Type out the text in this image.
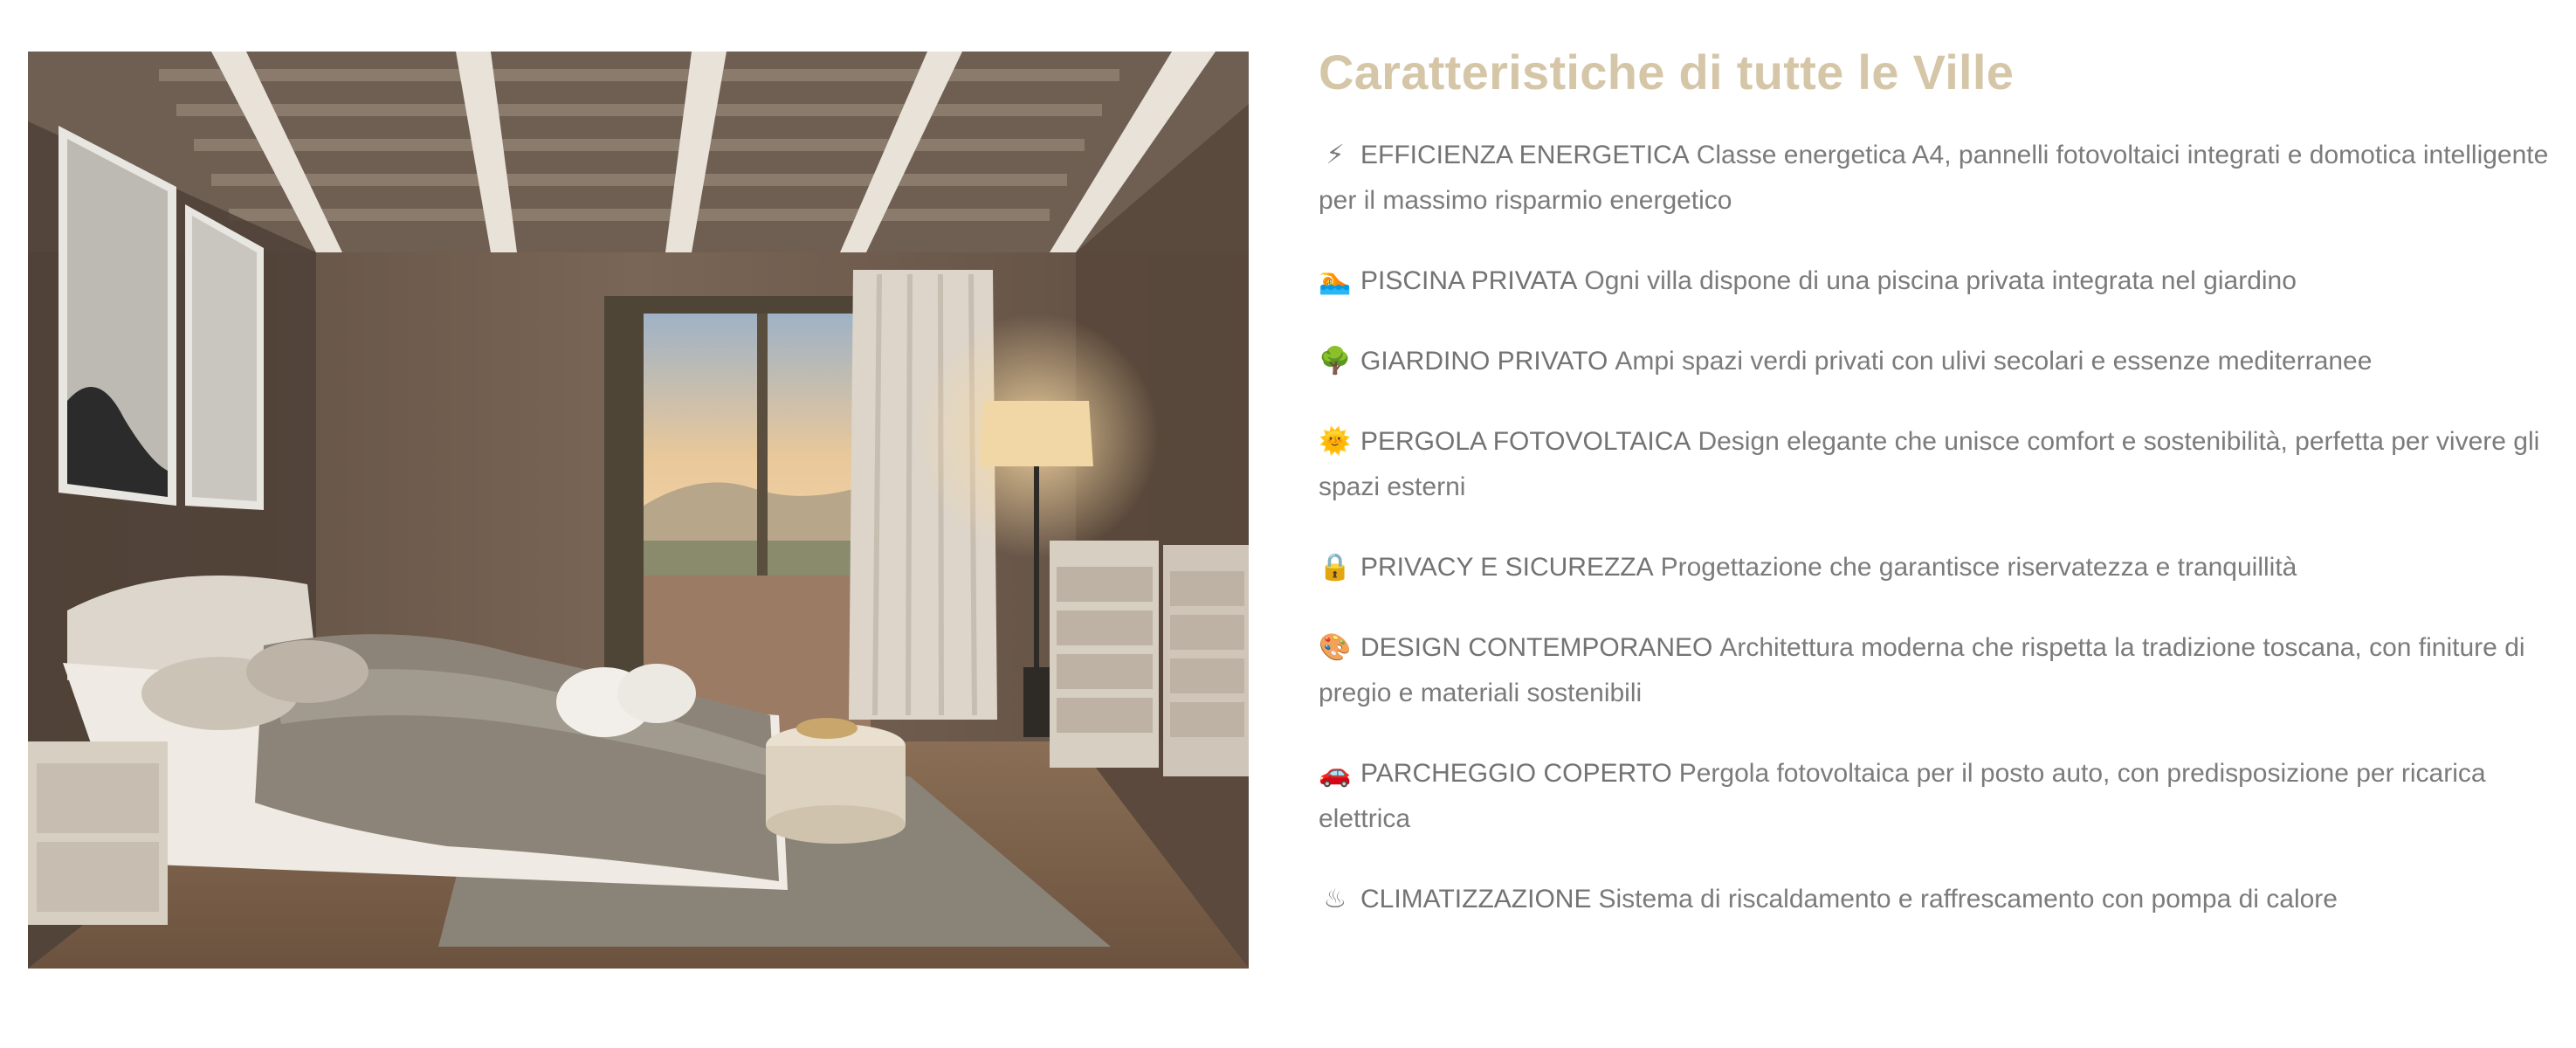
Caratteristiche di tutte le Ville
⚡ EFFICIENZA ENERGETICA Classe energetica A4, pannelli fotovoltaici integrati e domotica intelligente per il massimo risparmio energetico
🏊 PISCINA PRIVATA Ogni villa dispone di una piscina privata integrata nel giardino
🌳 GIARDINO PRIVATO Ampi spazi verdi privati con ulivi secolari e essenze mediterranee
🌞 PERGOLA FOTOVOLTAICA Design elegante che unisce comfort e sostenibilità, perfetta per vivere gli spazi esterni
🔒 PRIVACY E SICUREZZA Progettazione che garantisce riservatezza e tranquillità
🎨 DESIGN CONTEMPORANEO Architettura moderna che rispetta la tradizione toscana, con finiture di pregio e materiali sostenibili
🚗 PARCHEGGIO COPERTO Pergola fotovoltaica per il posto auto, con predisposizione per ricarica elettrica
♨ CLIMATIZZAZIONE Sistema di riscaldamento e raffrescamento con pompa di calore
